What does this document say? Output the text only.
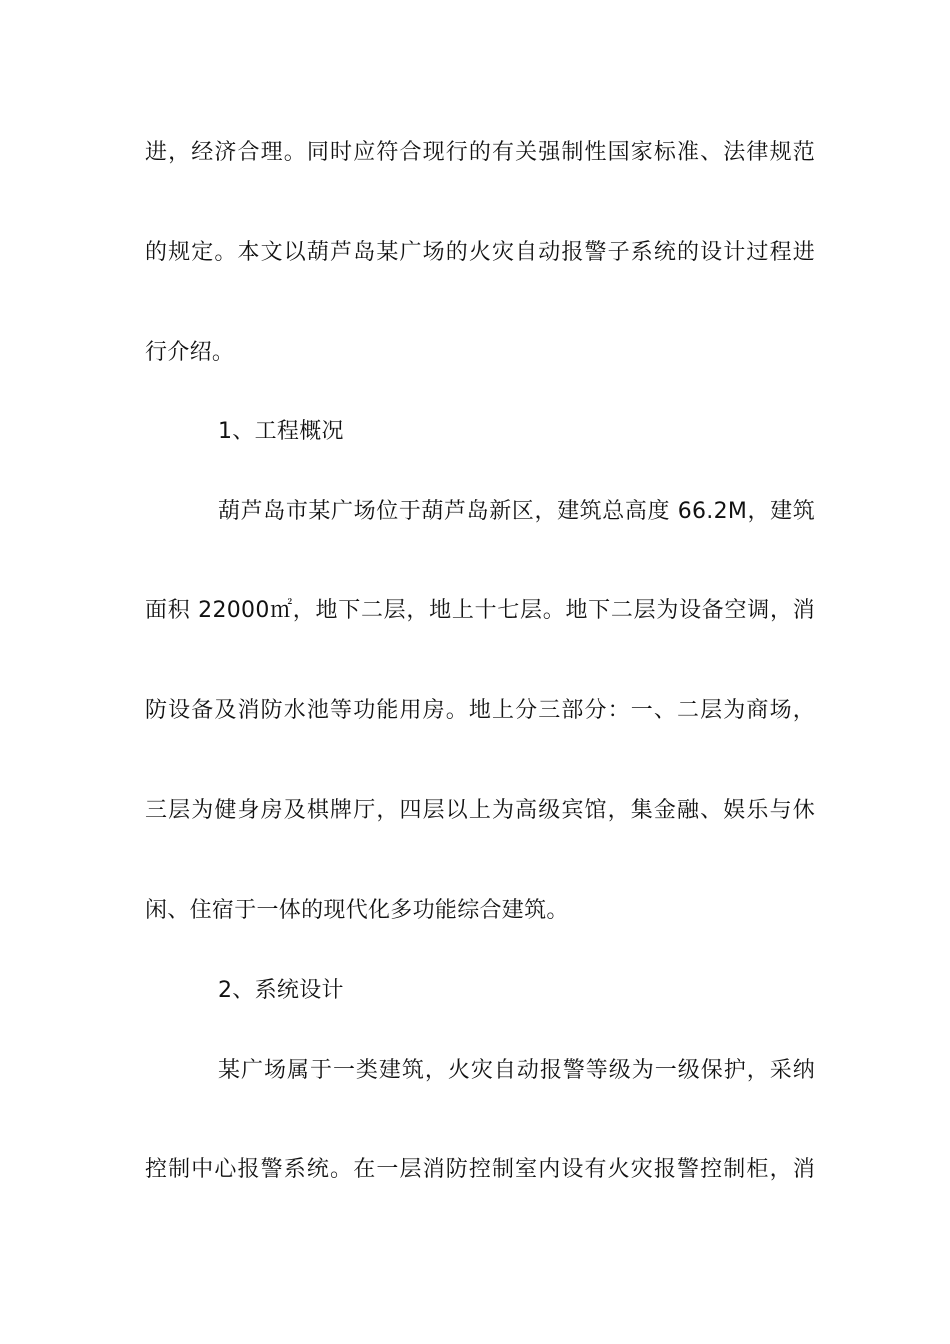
进，经济合理。同时应符合现行的有关强制性国家标准、法律规范
的规定。本文以葫芦岛某广场的火灾自动报警子系统的设计过程进
行介绍。
1、工程概况
葫芦岛市某广场位于葫芦岛新区，建筑总高度 66.2M，建筑
面积 22000㎡，地下二层，地上十七层。地下二层为设备空调，消
防设备及消防水池等功能用房。地上分三部分：一、二层为商场，
三层为健身房及棋牌厅，四层以上为高级宾馆，集金融、娱乐与休
闲、住宿于一体的现代化多功能综合建筑。
2、系统设计
某广场属于一类建筑，火灾自动报警等级为一级保护，采纳
控制中心报警系统。在一层消防控制室内设有火灾报警控制柜，消
